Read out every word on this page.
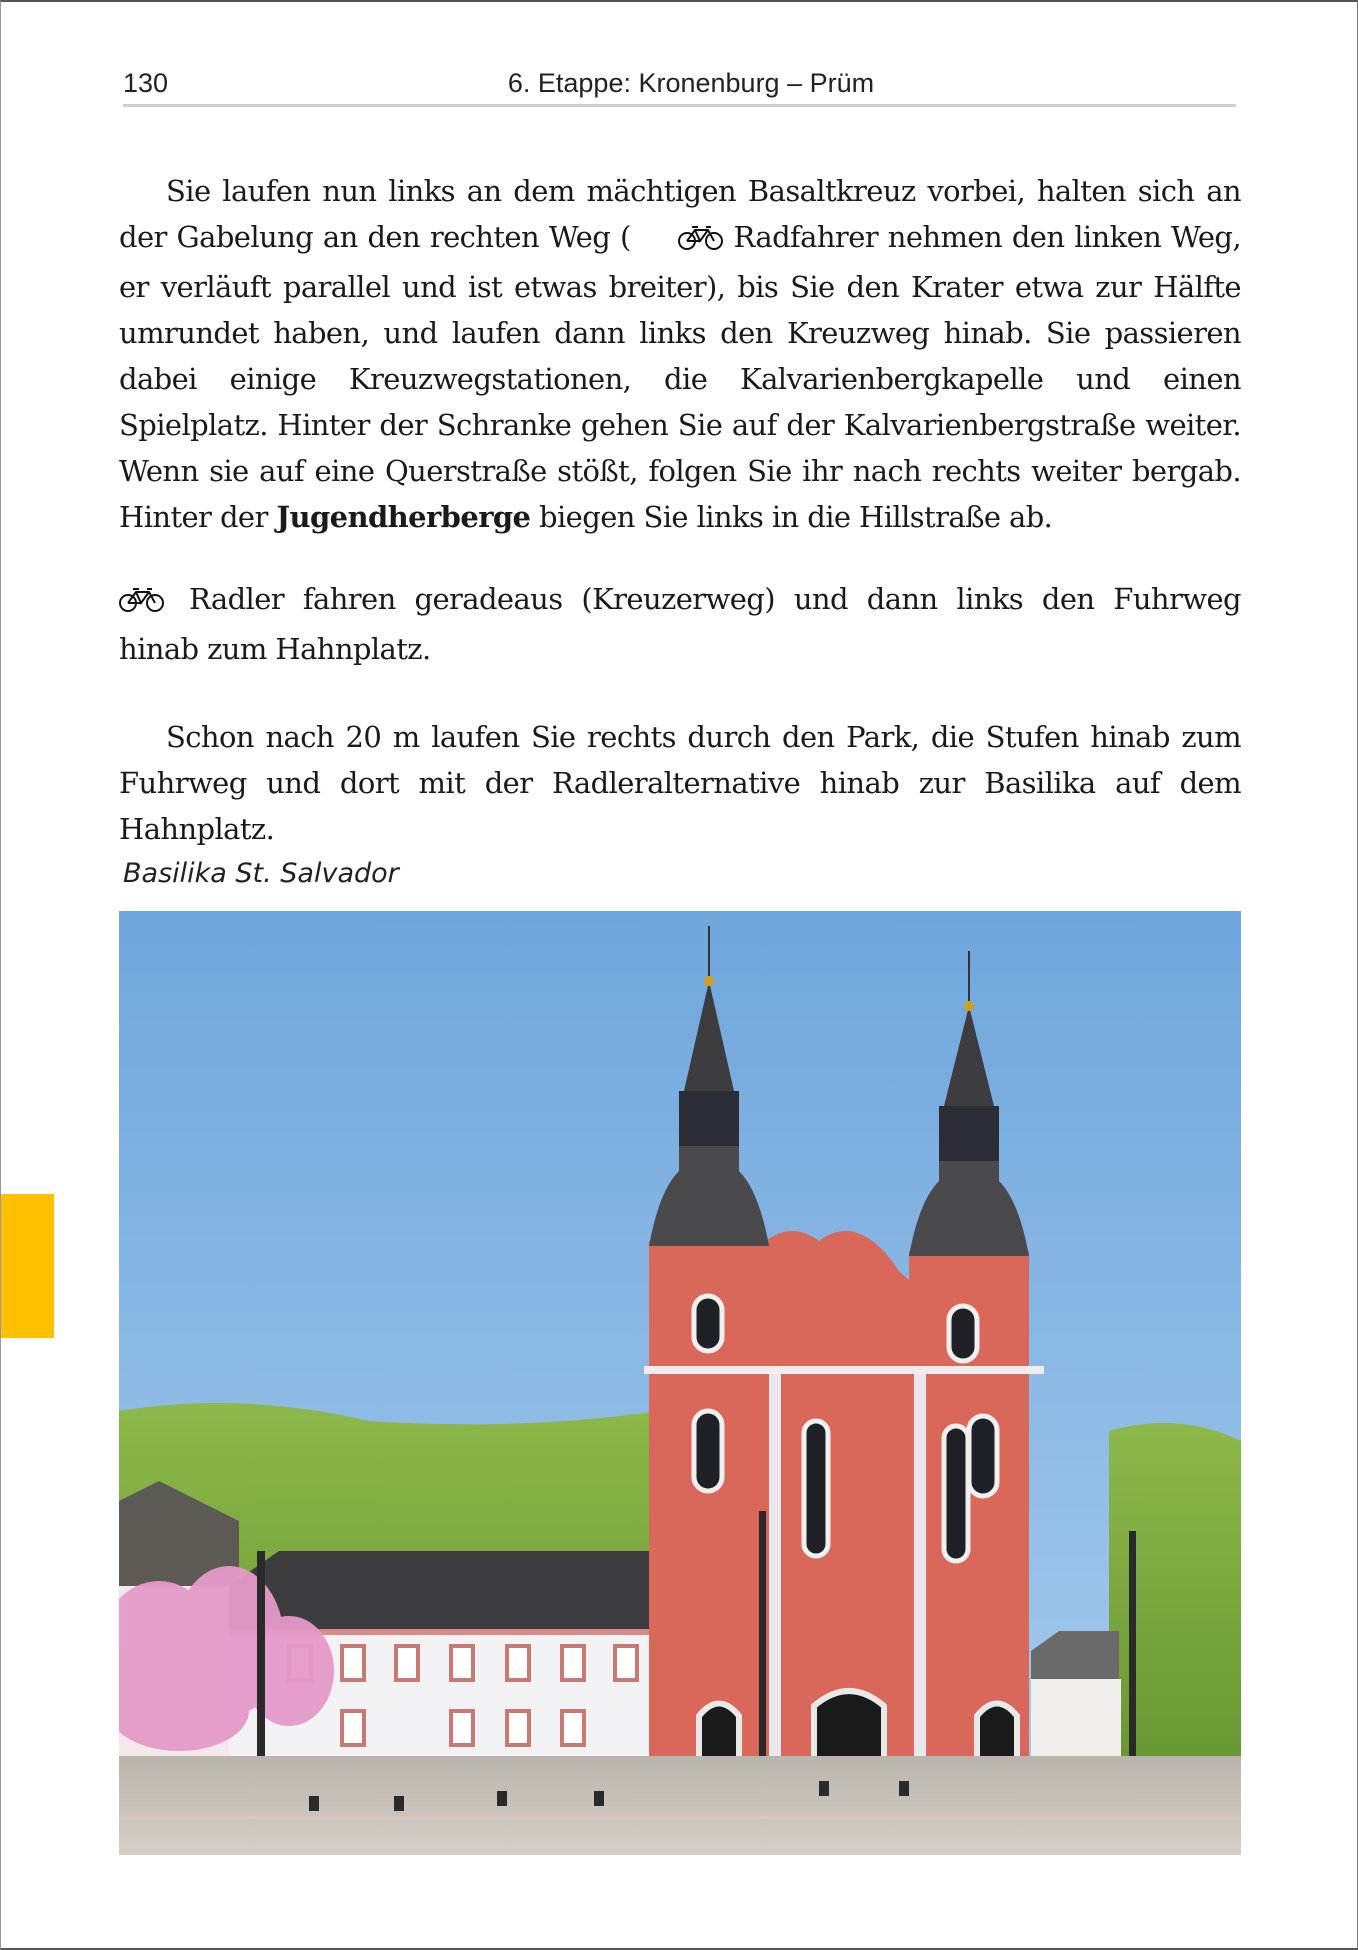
130	6. Etappe: Kronenburg – Prüm

Sie laufen nun links an dem mächtigen Basaltkreuz vorbei, halten sich an der Gabelung an den rechten Weg (	Radfahrer nehmen den linken Weg, er verläuft parallel und ist etwas breiter), bis Sie den Krater etwa zur Hälfte umrundet haben, und laufen dann links den Kreuzweg hinab. Sie passieren dabei einige Kreuzwegstationen, die Kalvarienbergkapelle und einen Spielplatz. Hinter der Schranke gehen Sie auf der Kalvarienbergstraße weiter. Wenn sie auf eine Querstraße stößt, folgen Sie ihr nach rechts weiter bergab. Hinter der Jugendherberge biegen Sie links in die Hillstraße ab.

Radler fahren geradeaus (Kreuzerweg) und dann links den Fuhrweg hinab zum Hahnplatz.

Schon nach 20 m laufen Sie rechts durch den Park, die Stufen hinab zum Fuhrweg und dort mit der Radleralternative hinab zur Basilika auf dem Hahnplatz.

Basilika St. Salvador
